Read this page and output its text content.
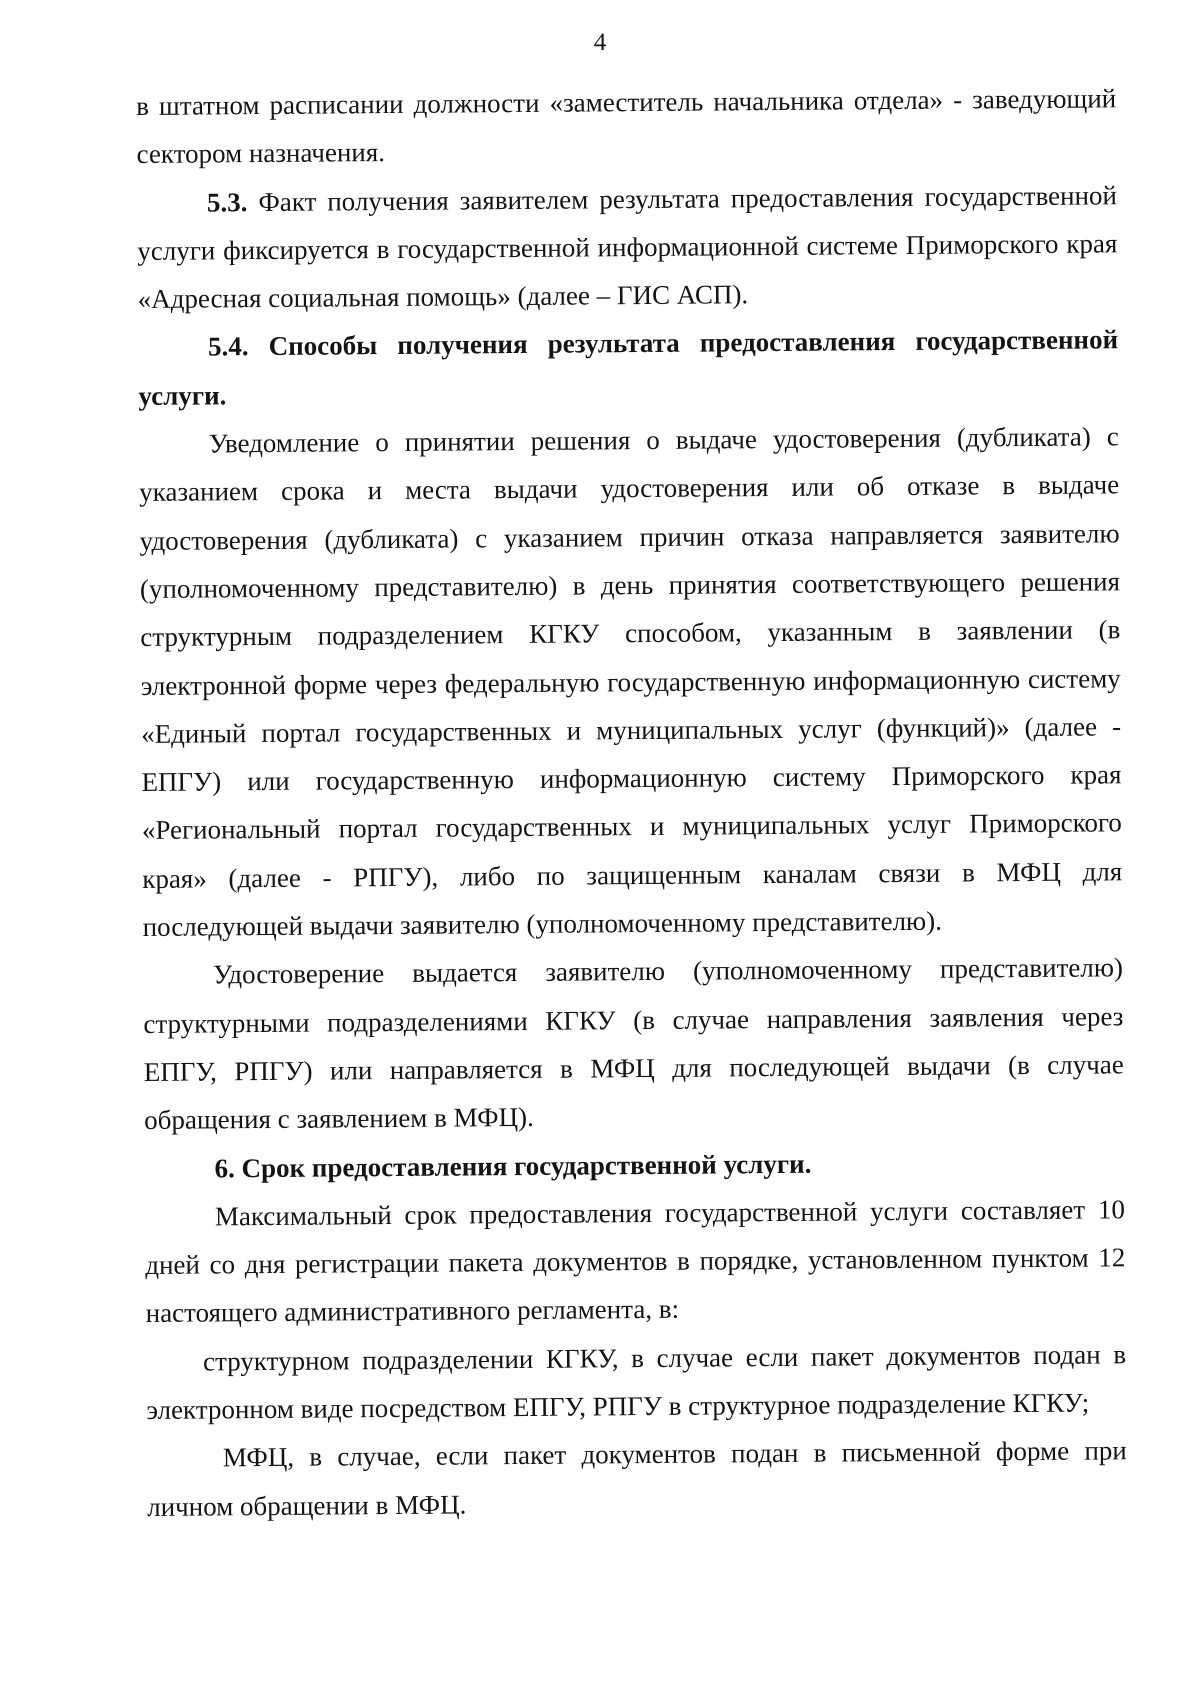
4

в штатном расписании должности «заместитель начальника отдела» - заведующий сектором назначения.

5.3. Факт получения заявителем результата предоставления государственной услуги фиксируется в государственной информационной системе Приморского края «Адресная социальная помощь» (далее – ГИС АСП).

5.4. Способы получения результата предоставления государственной услуги.

Уведомление о принятии решения о выдаче удостоверения (дубликата) с указанием срока и места выдачи удостоверения или об отказе в выдаче удостоверения (дубликата) с указанием причин отказа направляется заявителю (уполномоченному представителю) в день принятия соответствующего решения структурным подразделением КГКУ способом, указанным в заявлении (в электронной форме через федеральную государственную информационную систему «Единый портал государственных и муниципальных услуг (функций)» (далее - ЕПГУ) или государственную информационную систему Приморского края «Региональный портал государственных и муниципальных услуг Приморского края» (далее - РПГУ), либо по защищенным каналам связи в МФЦ для последующей выдачи заявителю (уполномоченному представителю).

Удостоверение выдается заявителю (уполномоченному представителю) структурными подразделениями КГКУ (в случае направления заявления через ЕПГУ, РПГУ) или направляется в МФЦ для последующей выдачи (в случае обращения с заявлением в МФЦ).

6. Срок предоставления государственной услуги.

Максимальный срок предоставления государственной услуги составляет 10 дней со дня регистрации пакета документов в порядке, установленном пунктом 12 настоящего административного регламента, в:

структурном подразделении КГКУ, в случае если пакет документов подан в электронном виде посредством ЕПГУ, РПГУ в структурное подразделение КГКУ;

МФЦ, в случае, если пакет документов подан в письменной форме при личном обращении в МФЦ.
